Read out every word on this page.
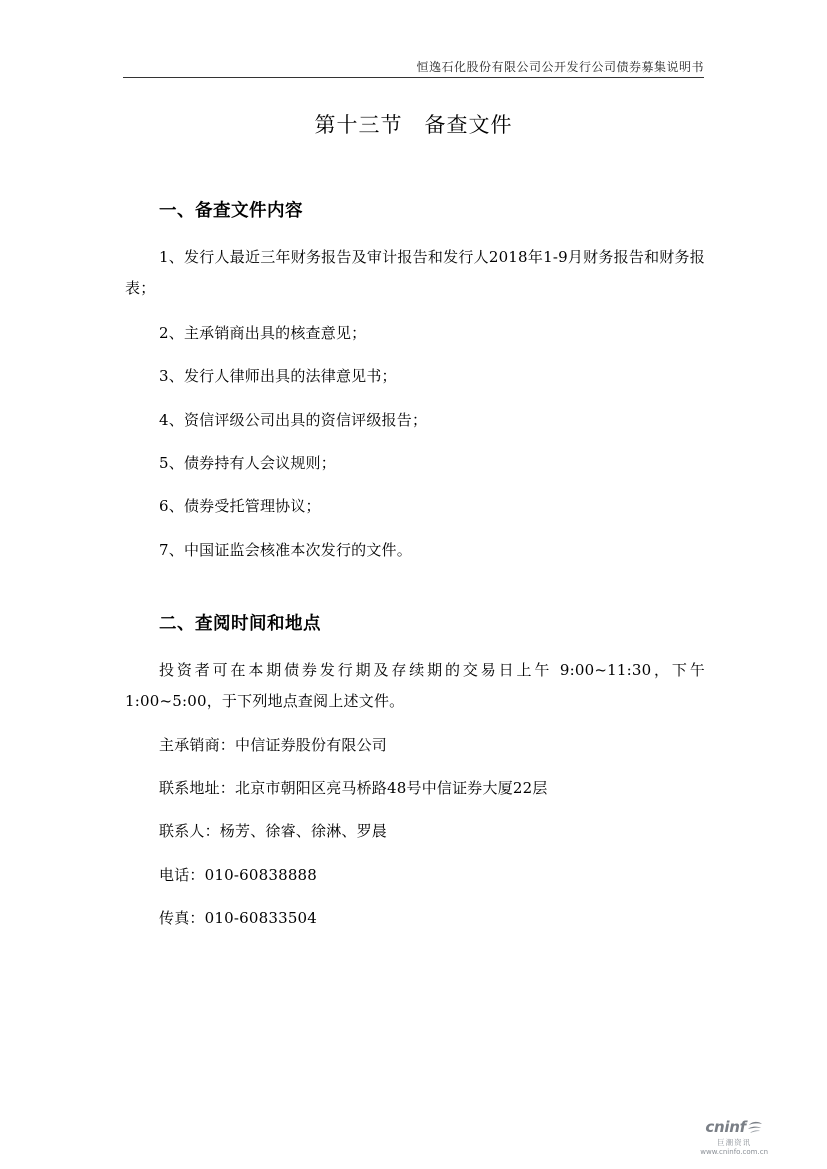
恒逸石化股份有限公司公开发行公司债券募集说明书
第十三节 备查文件
一、备查文件内容
1、发行人最近三年财务报告及审计报告和发行人2018年1-9月财务报告和财务报表；
2、主承销商出具的核查意见；
3、发行人律师出具的法律意见书；
4、资信评级公司出具的资信评级报告；
5、债券持有人会议规则；
6、债券受托管理协议；
7、中国证监会核准本次发行的文件。
二、查阅时间和地点
投资者可在本期债券发行期及存续期的交易日上午 9:00~11:30，下午1:00~5:00，于下列地点查阅上述文件。
主承销商：中信证券股份有限公司
联系地址：北京市朝阳区亮马桥路48号中信证券大厦22层
联系人：杨芳、徐睿、徐淋、罗晨
电话：010-60838888
传真：010-60833504
cninf
巨潮资讯
www.cninfo.com.cn
